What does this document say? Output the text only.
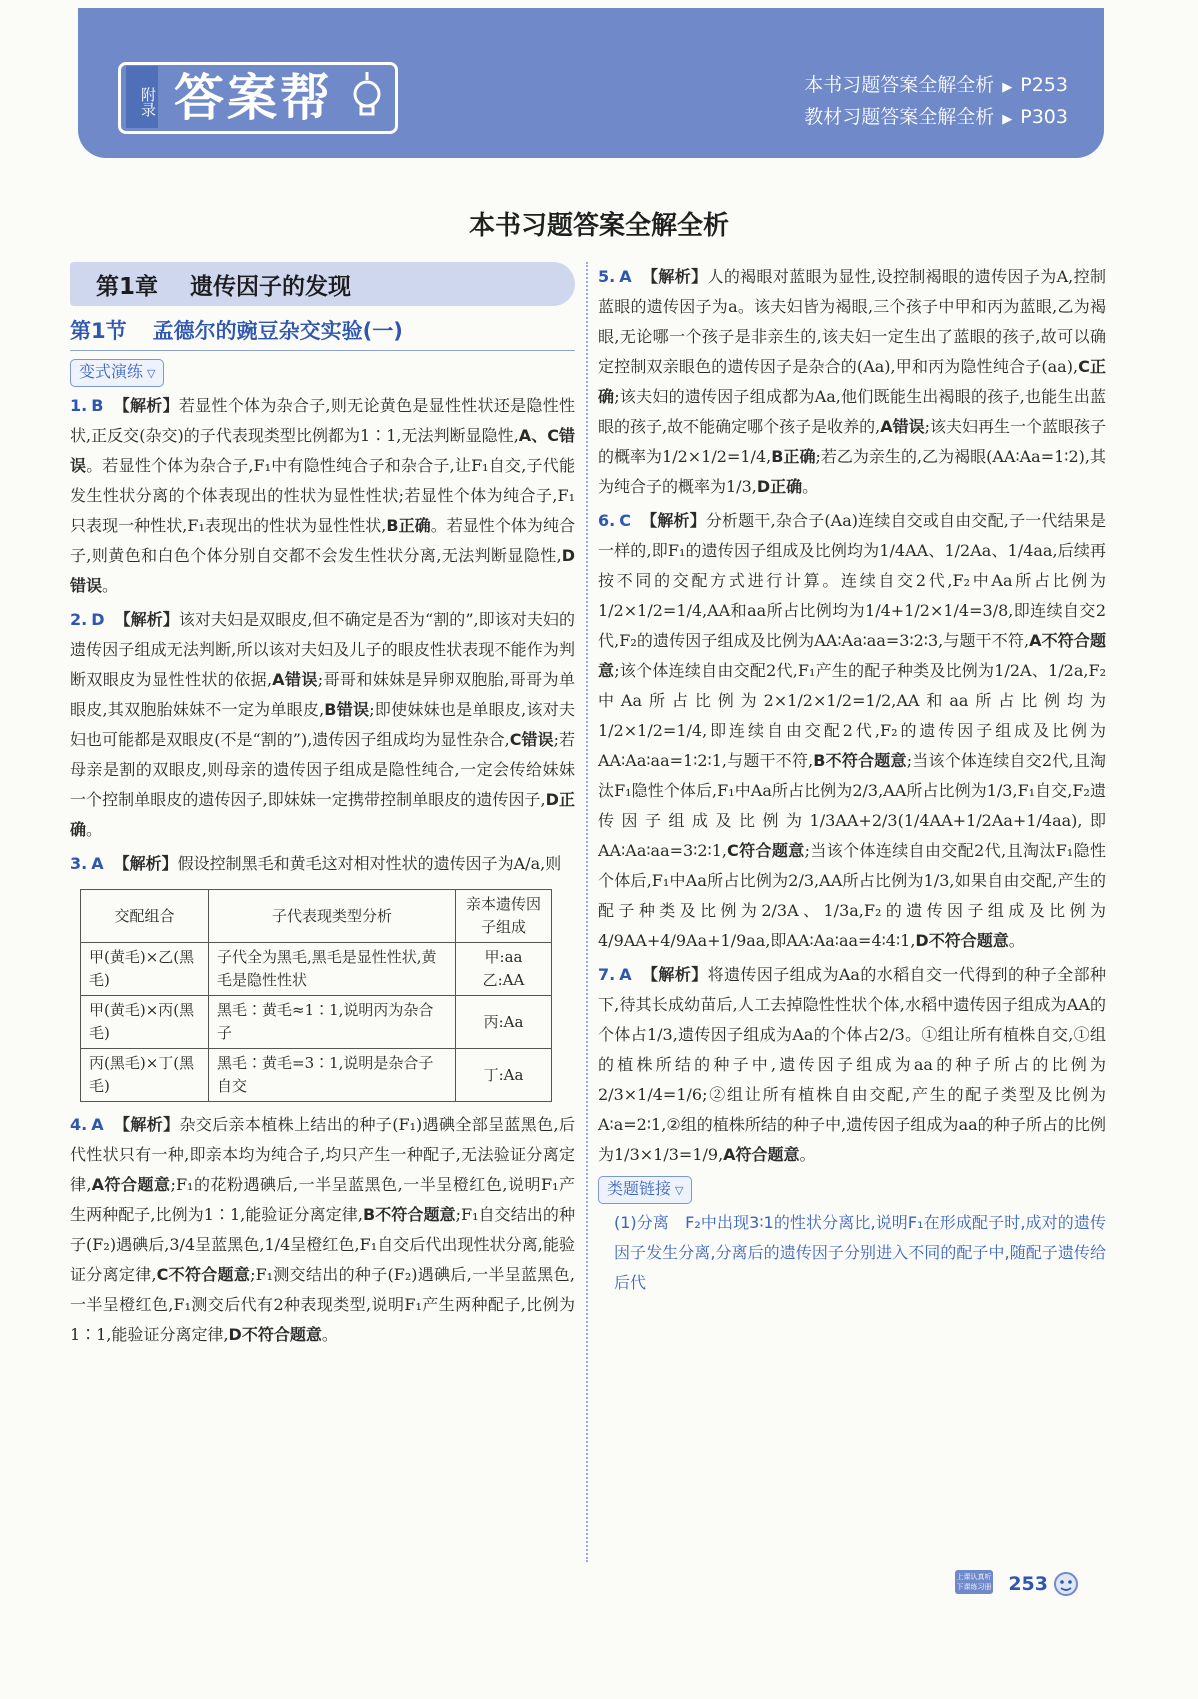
附录 答案帮	本书习题答案全解全析 ▶ P253
教材习题答案全解全析 ▶ P303
本书习题答案全解全析
第1章 遗传因子的发现
第1节 孟德尔的豌豆杂交实验(一)
变式演练 ▽

1. B 【解析】若显性个体为杂合子,则无论黄色是显性性状还是隐性性状,正反交(杂交)的子代表现类型比例都为1∶1,无法判断显隐性,A、C错误。若显性个体为杂合子,F₁中有隐性纯合子和杂合子,让F₁自交,子代能发生性状分离的个体表现出的性状为显性性状;若显性个体为纯合子,F₁只表现一种性状,F₁表现出的性状为显性性状,B正确。若显性个体为纯合子,则黄色和白色个体分别自交都不会发生性状分离,无法判断显隐性,D错误。

2. D 【解析】该对夫妇是双眼皮,但不确定是否为“割的”,即该对夫妇的遗传因子组成无法判断,所以该对夫妇及儿子的眼皮性状表现不能作为判断双眼皮为显性性状的依据,A错误;哥哥和妹妹是异卵双胞胎,哥哥为单眼皮,其双胞胎妹妹不一定为单眼皮,B错误;即使妹妹也是单眼皮,该对夫妇也可能都是双眼皮(不是“割的”),遗传因子组成均为显性杂合,C错误;若母亲是割的双眼皮,则母亲的遗传因子组成是隐性纯合,一定会传给妹妹一个控制单眼皮的遗传因子,即妹妹一定携带控制单眼皮的遗传因子,D正确。

3. A 【解析】假设控制黑毛和黄毛这对相对性状的遗传因子为A/a,则

交配组合	子代表现类型分析	亲本遗传因子组成
甲(黄毛)×乙(黑毛)	子代全为黑毛,黑毛是显性性状,黄毛是隐性性状	甲:aa 乙:AA
甲(黄毛)×丙(黑毛)	黑毛∶黄毛≈1∶1,说明丙为杂合子	丙:Aa
丙(黑毛)×丁(黑毛)	黑毛∶黄毛=3∶1,说明是杂合子自交	丁:Aa

4. A 【解析】杂交后亲本植株上结出的种子(F₁)遇碘全部呈蓝黑色,后代性状只有一种,即亲本均为纯合子,均只产生一种配子,无法验证分离定律,A符合题意;F₁的花粉遇碘后,一半呈蓝黑色,一半呈橙红色,说明F₁产生两种配子,比例为1∶1,能验证分离定律,B不符合题意;F₁自交结出的种子(F₂)遇碘后,3/4呈蓝黑色,1/4呈橙红色,F₁自交后代出现性状分离,能验证分离定律,C不符合题意;F₁测交结出的种子(F₂)遇碘后,一半呈蓝黑色,一半呈橙红色,F₁测交后代有2种表现类型,说明F₁产生两种配子,比例为1∶1,能验证分离定律,D不符合题意。

5. A 【解析】人的褐眼对蓝眼为显性,设控制褐眼的遗传因子为A,控制蓝眼的遗传因子为a。该夫妇皆为褐眼,三个孩子中甲和丙为蓝眼,乙为褐眼,无论哪一个孩子是非亲生的,该夫妇一定生出了蓝眼的孩子,故可以确定控制双亲眼色的遗传因子是杂合的(Aa),甲和丙为隐性纯合子(aa),C正确;该夫妇的遗传因子组成都为Aa,他们既能生出褐眼的孩子,也能生出蓝眼的孩子,故不能确定哪个孩子是收养的,A错误;该夫妇再生一个蓝眼孩子的概率为1/2×1/2=1/4,B正确;若乙为亲生的,乙为褐眼(AA∶Aa=1∶2),其为纯合子的概率为1/3,D正确。

6. C 【解析】分析题干,杂合子(Aa)连续自交或自由交配,子一代结果是一样的,即F₁的遗传因子组成及比例均为1/4AA、1/2Aa、1/4aa,后续再按不同的交配方式进行计算。连续自交2代,F₂中Aa所占比例为1/2×1/2=1/4,AA和aa所占比例均为1/4+1/2×1/4=3/8,即连续自交2代,F₂的遗传因子组成及比例为AA∶Aa∶aa=3∶2∶3,与题干不符,A不符合题意;该个体连续自由交配2代,F₁产生的配子种类及比例为1/2A、1/2a,F₂中Aa所占比例为2×1/2×1/2=1/2,AA和aa所占比例均为1/2×1/2=1/4,即连续自由交配2代,F₂的遗传因子组成及比例为AA∶Aa∶aa=1∶2∶1,与题干不符,B不符合题意;当该个体连续自交2代,且淘汰F₁隐性个体后,F₁中Aa所占比例为2/3,AA所占比例为1/3,F₁自交,F₂遗传因子组成及比例为1/3AA+2/3(1/4AA+1/2Aa+1/4aa),即AA∶Aa∶aa=3∶2∶1,C符合题意;当该个体连续自由交配2代,且淘汰F₁隐性个体后,F₁中Aa所占比例为2/3,AA所占比例为1/3,如果自由交配,产生的配子种类及比例为2/3A、1/3a,F₂的遗传因子组成及比例为4/9AA+4/9Aa+1/9aa,即AA∶Aa∶aa=4∶4∶1,D不符合题意。

7. A 【解析】将遗传因子组成为Aa的水稻自交一代得到的种子全部种下,待其长成幼苗后,人工去掉隐性性状个体,水稻中遗传因子组成为AA的个体占1/3,遗传因子组成为Aa的个体占2/3。①组让所有植株自交,①组的植株所结的种子中,遗传因子组成为aa的种子所占的比例为2/3×1/4=1/6;②组让所有植株自由交配,产生的配子类型及比例为A∶a=2∶1,②组的植株所结的种子中,遗传因子组成为aa的种子所占的比例为1/3×1/3=1/9,A符合题意。

类题链接 ▽

(1)分离　F₂中出现3∶1的性状分离比,说明F₁在形成配子时,成对的遗传因子发生分离,分离后的遗传因子分别进入不同的配子中,随配子遗传给后代

上课认真听 下课练习册 253
